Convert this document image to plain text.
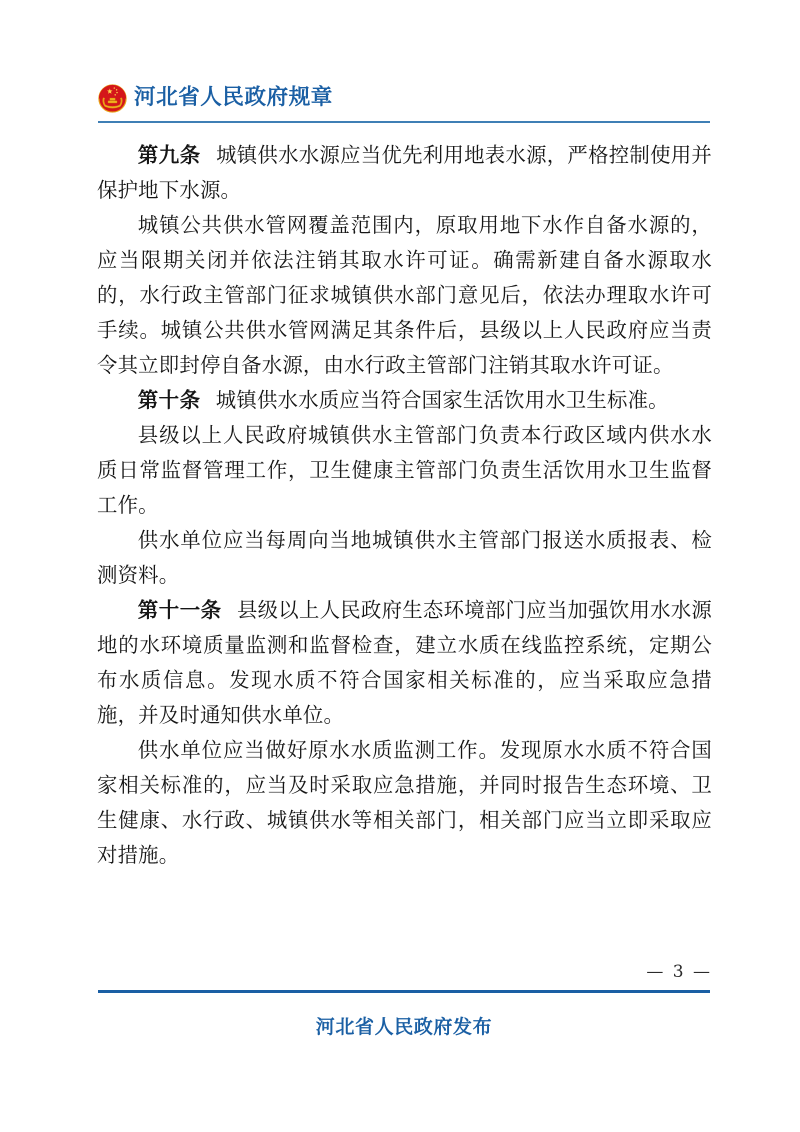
河北省人民政府规章

第九条 城镇供水水源应当优先利用地表水源，严格控制使用并保护地下水源。

城镇公共供水管网覆盖范围内，原取用地下水作自备水源的，应当限期关闭并依法注销其取水许可证。确需新建自备水源取水的，水行政主管部门征求城镇供水部门意见后，依法办理取水许可手续。城镇公共供水管网满足其条件后，县级以上人民政府应当责令其立即封停自备水源，由水行政主管部门注销其取水许可证。

第十条 城镇供水水质应当符合国家生活饮用水卫生标准。

县级以上人民政府城镇供水主管部门负责本行政区域内供水水质日常监督管理工作，卫生健康主管部门负责生活饮用水卫生监督工作。

供水单位应当每周向当地城镇供水主管部门报送水质报表、检测资料。

第十一条 县级以上人民政府生态环境部门应当加强饮用水水源地的水环境质量监测和监督检查，建立水质在线监控系统，定期公布水质信息。发现水质不符合国家相关标准的，应当采取应急措施，并及时通知供水单位。

供水单位应当做好原水水质监测工作。发现原水水质不符合国家相关标准的，应当及时采取应急措施，并同时报告生态环境、卫生健康、水行政、城镇供水等相关部门，相关部门应当立即采取应对措施。

— 3 —
河北省人民政府发布
